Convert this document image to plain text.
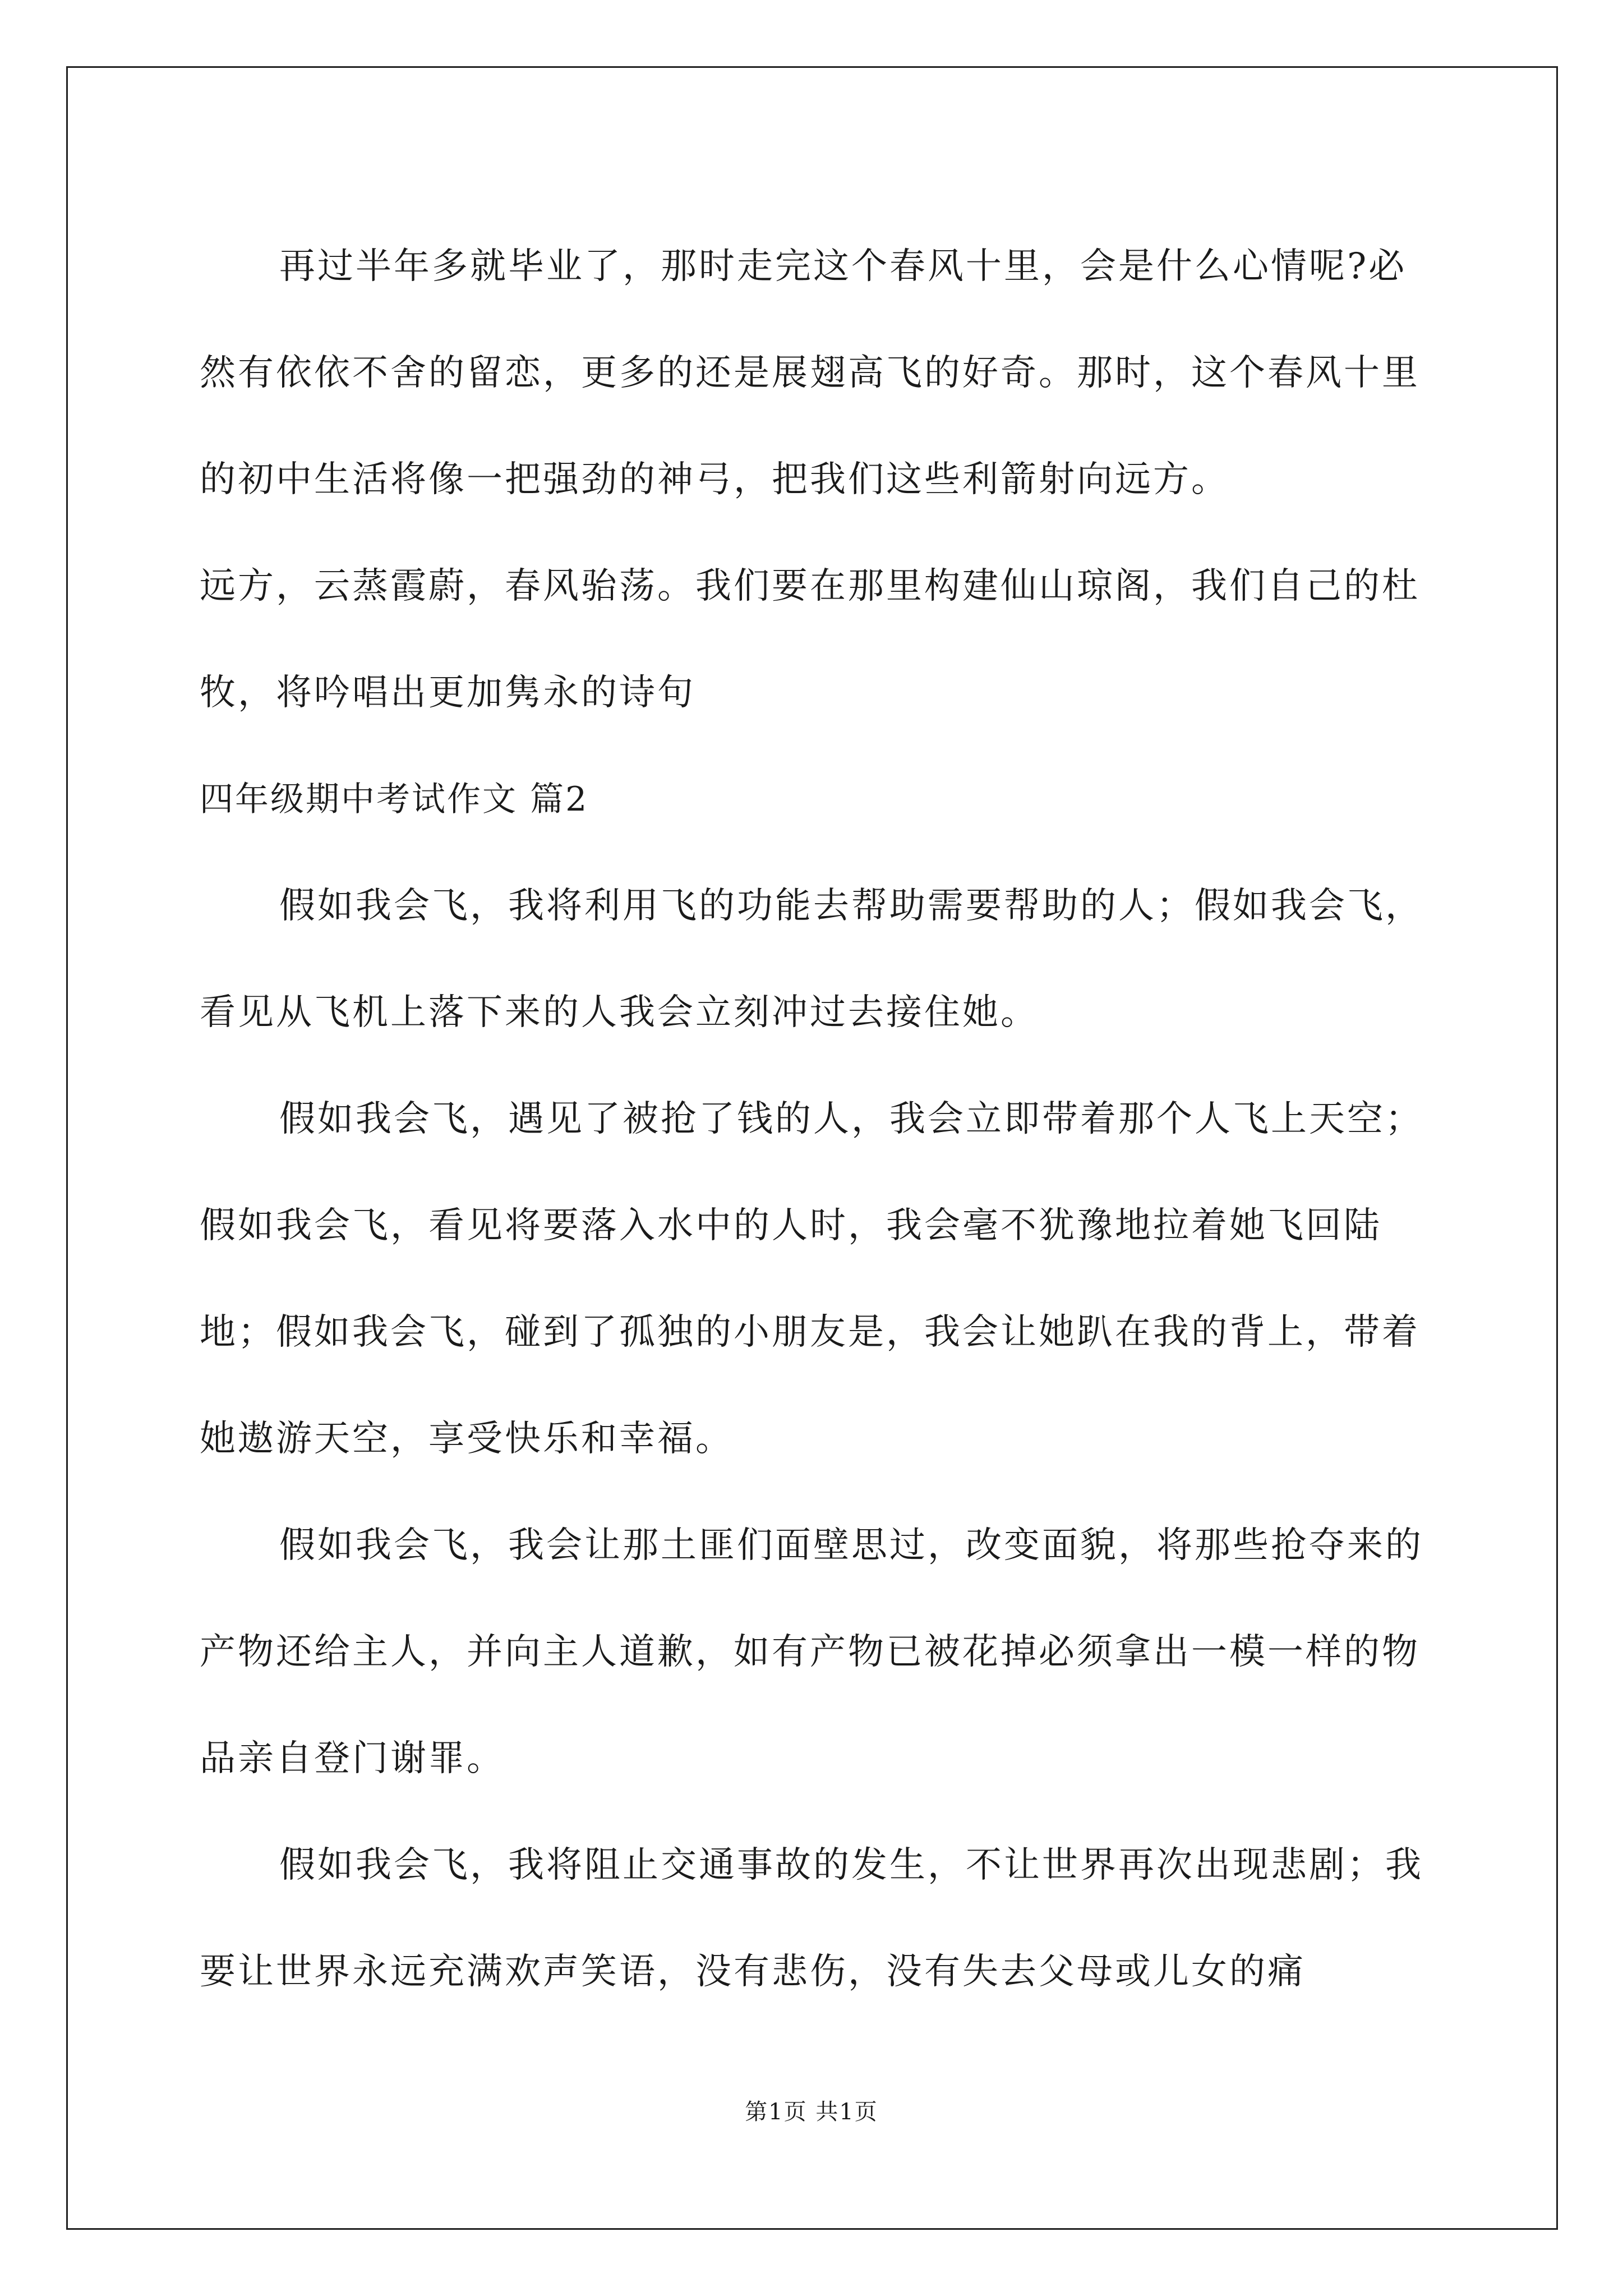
再过半年多就毕业了，那时走完这个春风十里，会是什么心情呢?必然有依依不舍的留恋，更多的还是展翅高飞的好奇。那时，这个春风十里的初中生活将像一把强劲的神弓，把我们这些利箭射向远方。

远方，云蒸霞蔚，春风骀荡。我们要在那里构建仙山琼阁，我们自己的杜牧，将吟唱出更加隽永的诗句

四年级期中考试作文 篇2

假如我会飞，我将利用飞的功能去帮助需要帮助的人；假如我会飞，看见从飞机上落下来的人我会立刻冲过去接住她。

假如我会飞，遇见了被抢了钱的人，我会立即带着那个人飞上天空；假如我会飞，看见将要落入水中的人时，我会毫不犹豫地拉着她飞回陆地；假如我会飞，碰到了孤独的小朋友是，我会让她趴在我的背上，带着她遨游天空，享受快乐和幸福。

假如我会飞，我会让那土匪们面壁思过，改变面貌，将那些抢夺来的产物还给主人，并向主人道歉，如有产物已被花掉必须拿出一模一样的物品亲自登门谢罪。

假如我会飞，我将阻止交通事故的发生，不让世界再次出现悲剧；我要让世界永远充满欢声笑语，没有悲伤，没有失去父母或儿女的痛

第1页 共1页
